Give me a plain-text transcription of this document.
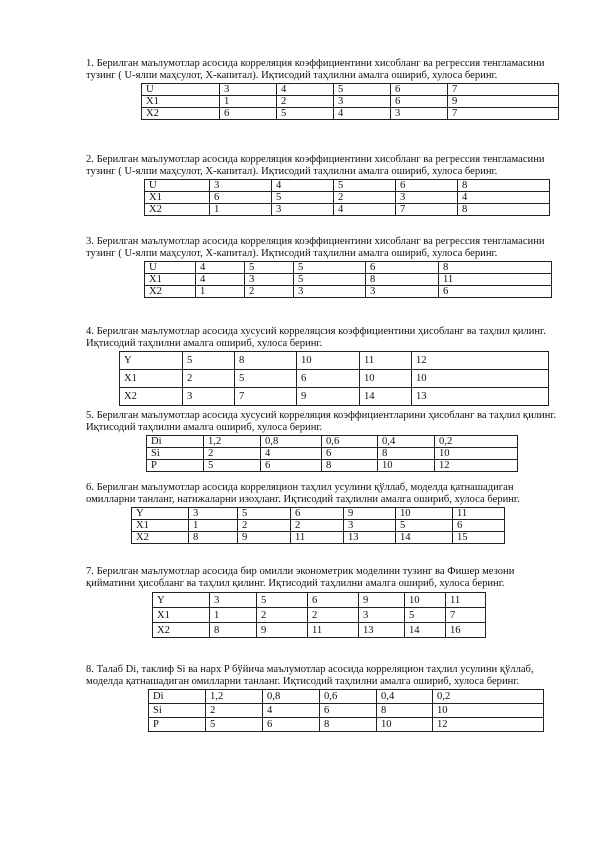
1. Берилган маълумотлар асосида корреляция коэффициентини хисобланг ва регрессия тенгламасини тузинг ( U-ялпи маҳсулот, X-капитал). Иқтисодий таҳлилни амалга ошириб, хулоса беринг.

U	3	4	5	6	7
X1	1	2	3	6	9
X2	6	5	4	3	7

2. Берилган маълумотлар асосида корреляция коэффициентини хисобланг ва регрессия тенгламасини тузинг ( U-ялпи маҳсулот, X-капитал). Иқтисодий таҳлилни амалга ошириб, хулоса беринг.

U	3	4	5	6	8
X1	6	5	2	3	4
X2	1	3	4	7	8

3. Берилган маълумотлар асосида корреляция коэффициентини хисобланг ва регрессия тенгламасини тузинг ( U-ялпи маҳсулот, X-капитал). Иқтисодий таҳлилни амалга ошириб, хулоса беринг.

U	4	5	5	6	8
X1	4	3	5	8	11
X2	1	2	3	3	6

4. Берилган маълумотлар асосида хусусий корреляцсия коэффициентини ҳисобланг ва таҳлил қилинг. Иқтисодий таҳлилни амалга ошириб, хулоса беринг.

Y	5	8	10	11	12
X1	2	5	6	10	10
X2	3	7	9	14	13

5. Берилган маълумотлар асосида хусусий корреляция коэффициентларини ҳисобланг ва таҳлил қилинг. Иқтисодий таҳлилни амалга ошириб, хулоса беринг.

Di	1,2	0,8	0,6	0,4	0,2
Si	2	4	6	8	10
P	5	6	8	10	12

6. Берилган маълумотлар асосида корреляцион таҳлил усулини қўллаб, моделда қатнашадиган омилларни танланг, натижаларни изоҳланг. Иқтисодий таҳлилни амалга ошириб, хулоса беринг.

Y	3	5	6	9	10	11
X1	1	2	2	3	5	6
X2	8	9	11	13	14	15

7. Берилган маълумотлар асосида бир омилли эконометрик моделини тузинг ва Фишер мезони қийматини ҳисобланг ва таҳлил қилинг. Иқтисодий таҳлилни амалга ошириб, хулоса беринг.

Y	3	5	6	9	10	11
X1	1	2	2	3	5	7
X2	8	9	11	13	14	16

8. Талаб Di, таклиф Si ва нарх P бўйича маълумотлар асосида корреляцион таҳлил усулини қўллаб, моделда қатнашадиган омилларни танланг. Иқтисодий таҳлилни амалга ошириб, хулоса беринг.

Di	1,2	0,8	0,6	0,4	0,2
Si	2	4	6	8	10
P	5	6	8	10	12
